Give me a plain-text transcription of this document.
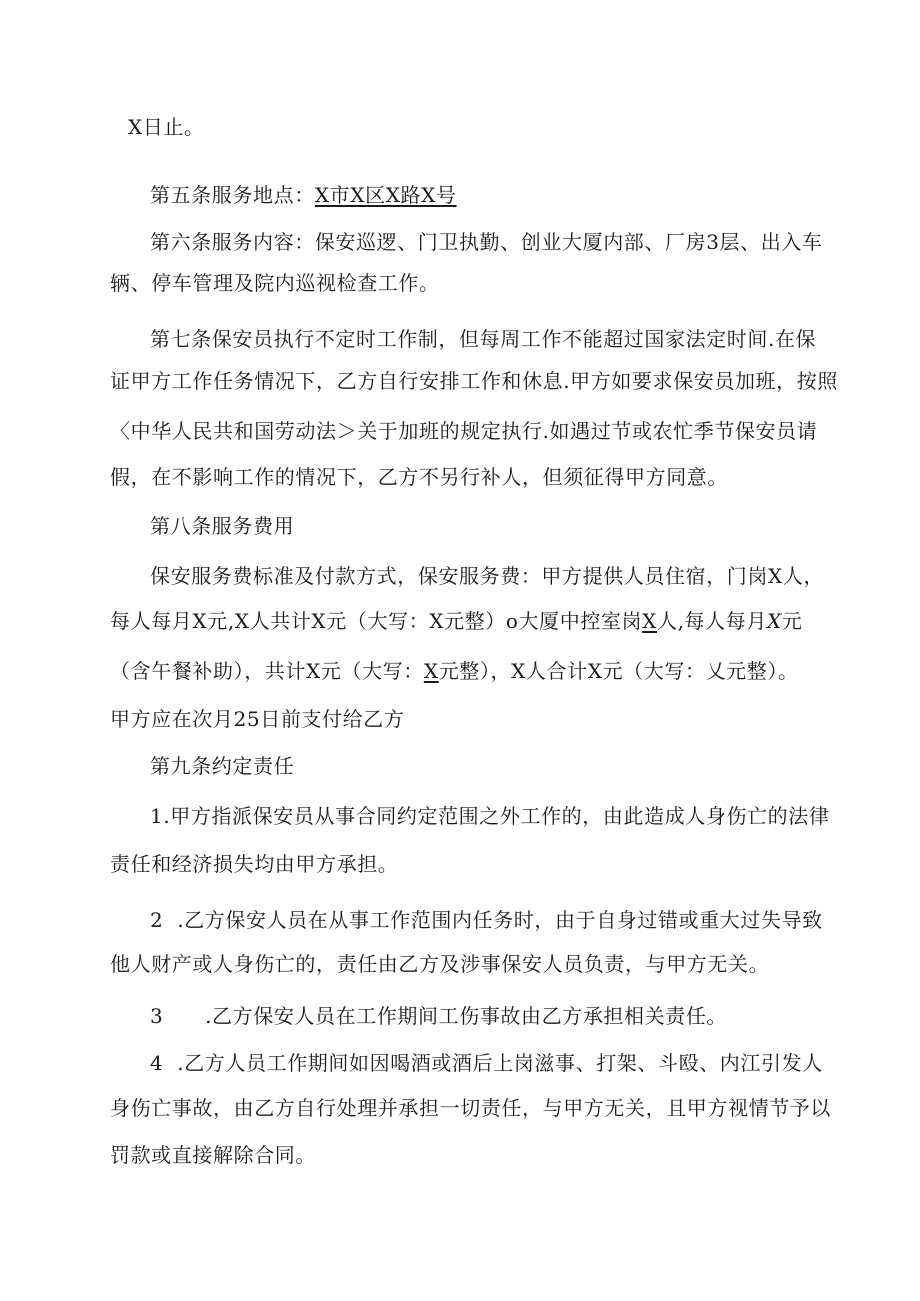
X日止。
第五条服务地点：X市X区X路X号
第六条服务内容：保安巡逻、门卫执勤、创业大厦内部、厂房3层、出入车
辆、停车管理及院内巡视检查工作。
第七条保安员执行不定时工作制，但每周工作不能超过国家法定时间.在保
证甲方工作任务情况下，乙方自行安排工作和休息.甲方如要求保安员加班，按照
〈中华人民共和国劳动法＞关于加班的规定执行.如遇过节或农忙季节保安员请
假，在不影响工作的情况下，乙方不另行补人，但须征得甲方同意。
第八条服务费用
保安服务费标准及付款方式，保安服务费：甲方提供人员住宿，门岗X人，
每人每月X元,X人共计X元（大写：X元整）o大厦中控室岗X人,每人每月X元
（含午餐补助），共计X元（大写：X元整），X人合计X元（大写：乂元整）。
甲方应在次月25日前支付给乙方
第九条约定责任
1.甲方指派保安员从事合同约定范围之外工作的，由此造成人身伤亡的法律
责任和经济损失均由甲方承担。
2  .乙方保安人员在从事工作范围内任务时，由于自身过错或重大过失导致
他人财产或人身伤亡的，责任由乙方及涉事保安人员负责，与甲方无关。
3      .乙方保安人员在工作期间工伤事故由乙方承担相关责任。
4  .乙方人员工作期间如因喝酒或酒后上岗滋事、打架、斗殴、内江引发人
身伤亡事故，由乙方自行处理并承担一切责任，与甲方无关，且甲方视情节予以
罚款或直接解除合同。
